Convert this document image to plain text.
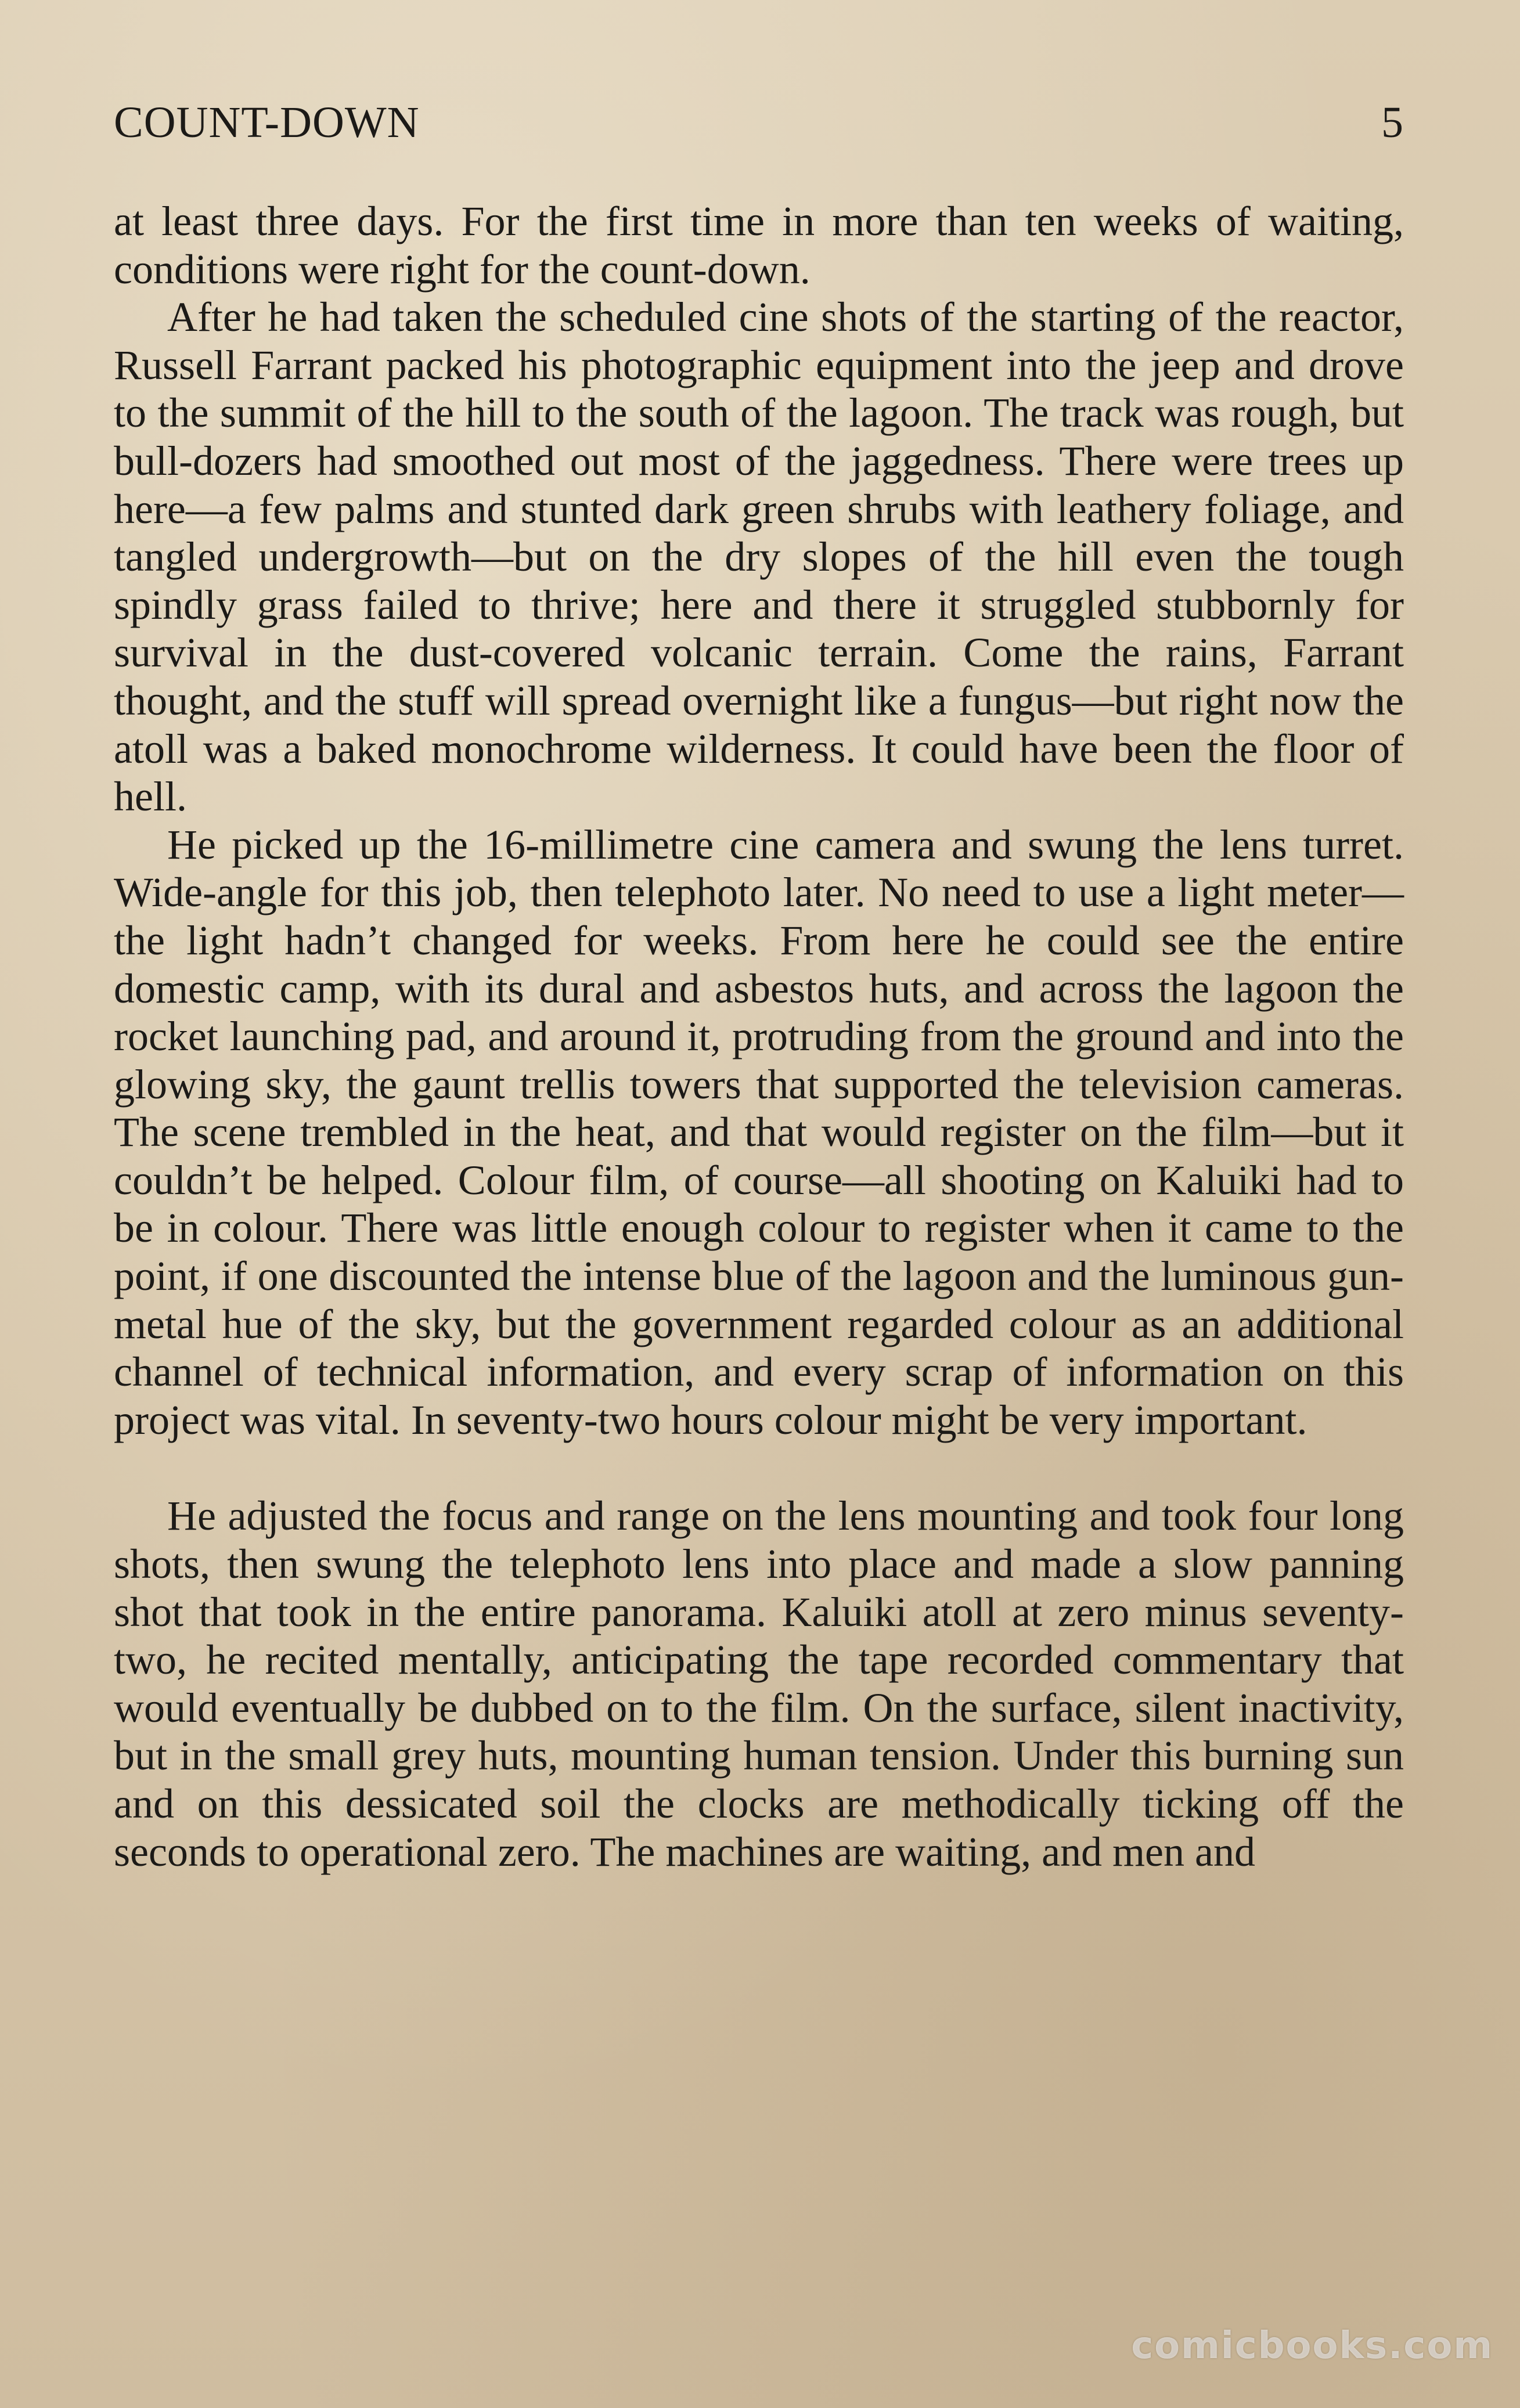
COUNT-DOWN	5

at least three days. For the first time in more than ten weeks of waiting, conditions were right for the count-down.

After he had taken the scheduled cine shots of the starting of the reactor, Russell Farrant packed his photographic equipment into the jeep and drove to the summit of the hill to the south of the lagoon. The track was rough, but bull-dozers had smoothed out most of the jaggedness. There were trees up here—a few palms and stunted dark green shrubs with leathery foliage, and tangled undergrowth—but on the dry slopes of the hill even the tough spindly grass failed to thrive; here and there it struggled stubbornly for survival in the dust-covered volcanic terrain. Come the rains, Farrant thought, and the stuff will spread overnight like a fungus—but right now the atoll was a baked monochrome wilderness. It could have been the floor of hell.

He picked up the 16-millimetre cine camera and swung the lens turret. Wide-angle for this job, then telephoto later. No need to use a light meter—the light hadn’t changed for weeks. From here he could see the entire domestic camp, with its dural and asbestos huts, and across the lagoon the rocket launching pad, and around it, protruding from the ground and into the glowing sky, the gaunt trellis towers that supported the television cameras. The scene trembled in the heat, and that would register on the film—but it couldn’t be helped. Colour film, of course—all shooting on Kaluiki had to be in colour. There was little enough colour to register when it came to the point, if one discounted the intense blue of the lagoon and the luminous gun-metal hue of the sky, but the government regarded colour as an additional channel of technical information, and every scrap of information on this project was vital. In seventy-two hours colour might be very important.

He adjusted the focus and range on the lens mounting and took four long shots, then swung the telephoto lens into place and made a slow panning shot that took in the entire panorama. Kaluiki atoll at zero minus seventy-two, he recited mentally, anticipating the tape recorded commentary that would eventually be dubbed on to the film. On the surface, silent inactivity, but in the small grey huts, mounting human tension. Under this burning sun and on this dessicated soil the clocks are methodically ticking off the seconds to operational zero. The machines are waiting, and men and

comicbooks.com
